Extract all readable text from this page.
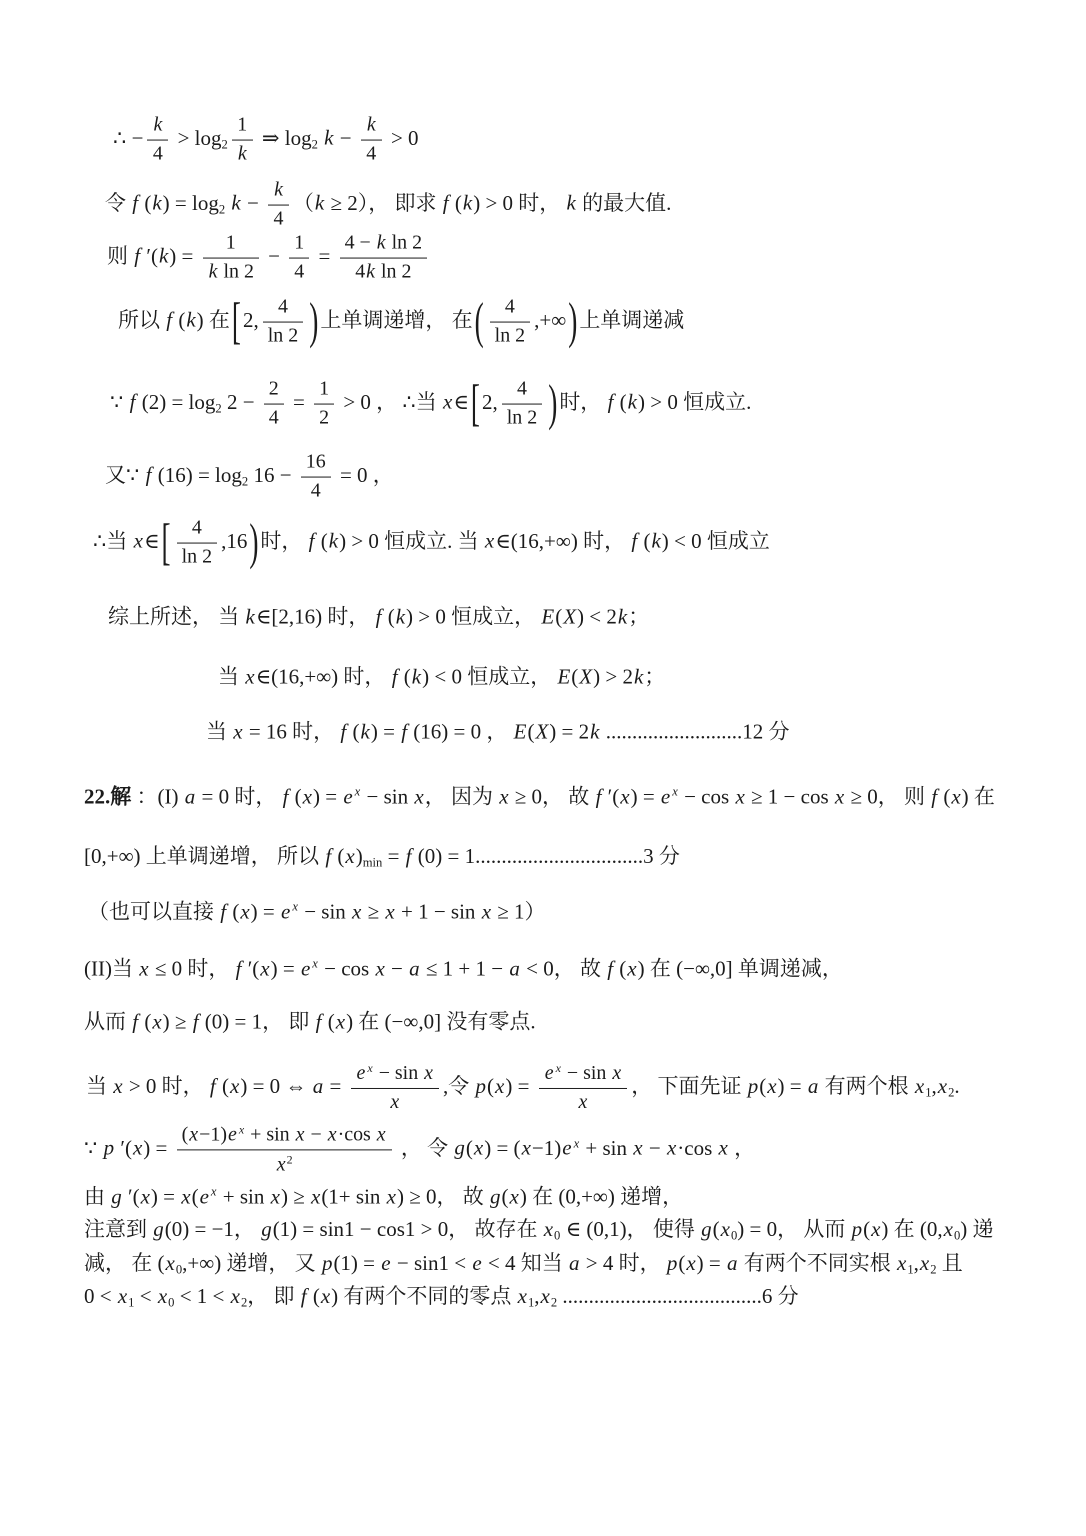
∴ − $\frac{k}{4} > \log_2 \frac{1}{k}$ ⇒ $\log_2 k - \frac{k}{4} > 0$
令 f $(k) = \log_2 k - \frac{k}{4} (k \ge 2)$， 即求 f (k) > 0 时， k 的最大值.
则 f $'(k) = \frac{1}{\text{k ln 2}} - \frac{1}{4} = \frac{\text{4 − k ln 2}}{\text{4k ln 2}}$
所以 f (k) 在[2, $\frac{4}{\ln 2}$ )上单调递增， 在( $\frac{4}{\ln 2}$ ,+∞)上单调递减
∵ f $(2) = \log_2 2 - \frac{2}{4} = \frac{1}{2} > 0$ ， ∴当 x∈[2, $\frac{4}{\ln 2}$ )时， f (k) > 0 恒成立.
又∵ f $(16) = \log_2 16 - \frac{16}{4} = 0$ ，
∴当 x∈[ $\frac{4}{\ln 2} ,16$)时， f (k) > 0 恒成立. 当 x∈(16,+∞) 时， f (k) < 0 恒成立
综上所述， 当 k∈[2,16) 时， f (k) > 0 恒成立， E(X) < 2k；
当 x∈(16,+∞) 时， f (k) < 0 恒成立， E(X) > 2k；
当 x = 16 时， f (k) = f (16) = 0 ， E(X) = 2k ..........................12 分
22.解 ：(I) a = 0 时， f (x) = e $^x$ − sin x， 因为 x ≥ 0， 故 f ′(x) = e $^x$ − cos x ≥ 1 − cos x ≥ 0， 则 f (x) 在
[0,+∞) 上单调递增， 所以 f $(x)_{min} = f$ (0) = 1................................3 分
（也可以直接 f (x) = e $^x$ − sin x ≥ x + 1 − sin x ≥ 1）
(II)当 x ≤ 0 时， f ′(x) = e $^x$ − cos x − a ≤ 1 + 1 − a < 0， 故 f (x) 在 (−∞,0] 单调递减，
从而 f (x) ≥ f (0) = 1， 即 f (x) 在 (−∞,0] 没有零点.
当 x > 0 时， f (x) = 0 ⇔ $a = \frac{e ^x - \sin x}{x}$ ,令 $p(x) = \frac{e ^x - \sin x}{x}$ ， 下面先证 p(x) = a 有两个根 $x_1,x_2$.
∵ p $'(x) = \frac{(x-1)e ^x + \sin x - x\cdot\cos x}{x^2}$ ， 令 g(x) = (x−1)e $^x$ + sin x − x·cos x ，
由 g ′(x) = x(e $^x$ + sin x) ≥ x(1+ sin x) ≥ 0， 故 g(x) 在 (0,+∞) 递增，
注意到 g(0) = −1， g(1) = sin1 − cos1 > 0， 故存在 $x_0$ ∈ (0,1)， 使得 $g(x_0) = 0$， 从而 p(x) 在 $(0,x_0)$ 递
减， 在 $(x_0,+\infty)$ 递增， 又 p(1) = e − sin1 < e < 4 知当 a > 4 时， p(x) = a 有两个不同实根 $x_1,x_2$ 且
$0 < x_1 < x_0 < 1 < x_2$， 即 f (x) 有两个不同的零点 $x_1,x_2$ ......................................6 分
